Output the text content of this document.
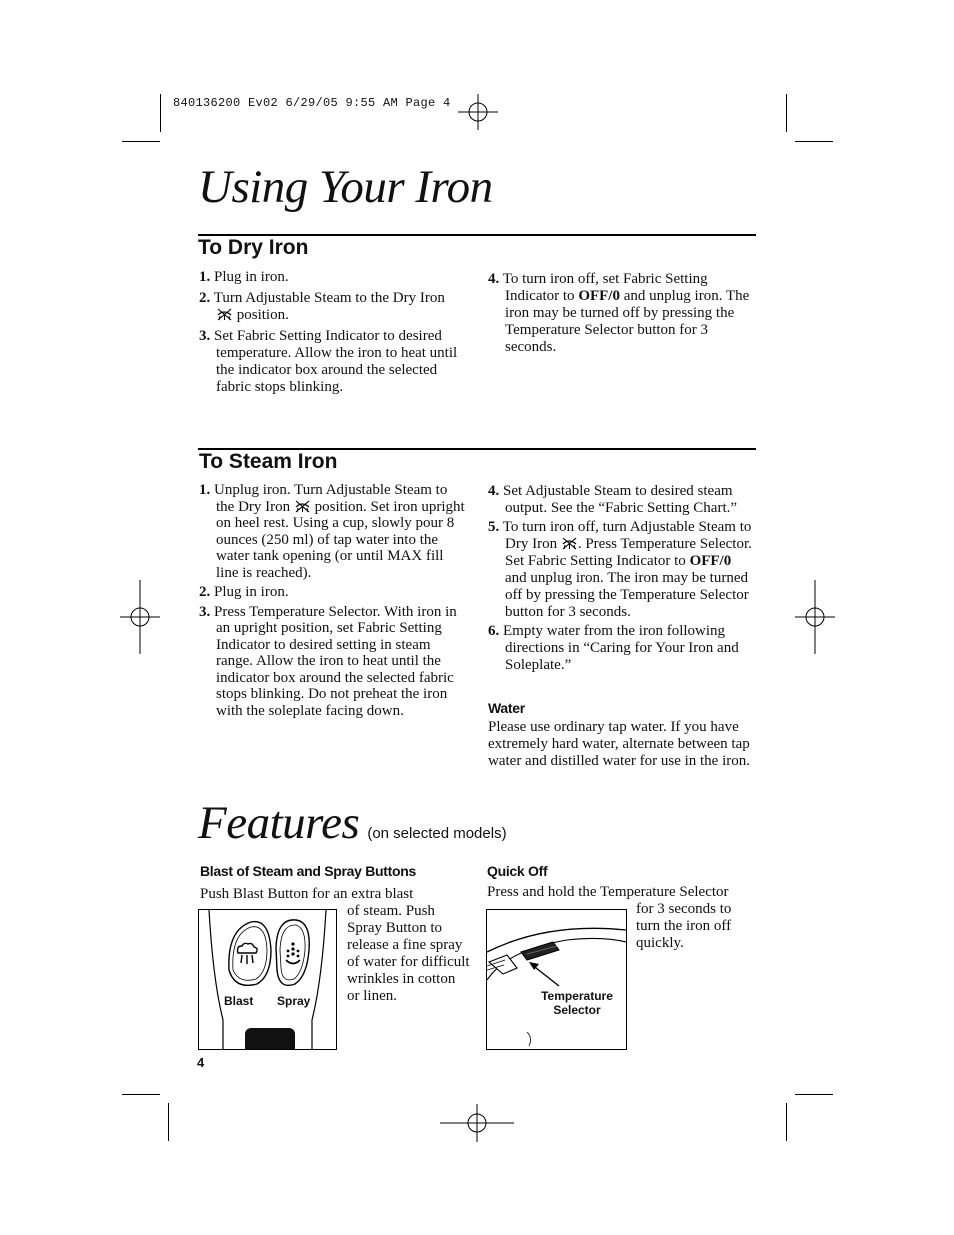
840136200 Ev02 6/29/05 9:55 AM Page 4
Using Your Iron
To Dry Iron
1. Plug in iron.
2. Turn Adjustable Steam to the Dry Iron  position.
3. Set Fabric Setting Indicator to desired temperature. Allow the iron to heat until the indicator box around the selected fabric stops blinking.
4. To turn iron off, set Fabric Setting Indicator to OFF/0 and unplug iron. The iron may be turned off by pressing the Temperature Selector button for 3 seconds.
To Steam Iron
1. Unplug iron. Turn Adjustable Steam to the Dry Iron position. Set iron upright on heel rest. Using a cup, slowly pour 8 ounces (250 ml) of tap water into the water tank opening (or until MAX fill line is reached).
2. Plug in iron.
3. Press Temperature Selector. With iron in an upright position, set Fabric Setting Indicator to desired setting in steam range. Allow the iron to heat until the indicator box around the selected fabric stops blinking. Do not preheat the iron with the soleplate facing down.
4. Set Adjustable Steam to desired steam output. See the “Fabric Setting Chart.”
5. To turn iron off, turn Adjustable Steam to Dry Iron . Press Temperature Selector. Set Fabric Setting Indicator to OFF/0 and unplug iron. The iron may be turned off by pressing the Temperature Selector button for 3 seconds.
6. Empty water from the iron following directions in “Caring for Your Iron and Soleplate.”
Water
Please use ordinary tap water. If you have extremely hard water, alternate between tap water and distilled water for use in the iron.
Features (on selected models)
Blast of Steam and Spray Buttons
Push Blast Button for an extra blast
of steam. Push Spray Button to release a fine spray of water for difficult wrinkles in cotton or linen.
Blast Spray
Quick Off
Press and hold the Temperature Selector
for 3 seconds to turn the iron off quickly.
Temperature
Selector
4
